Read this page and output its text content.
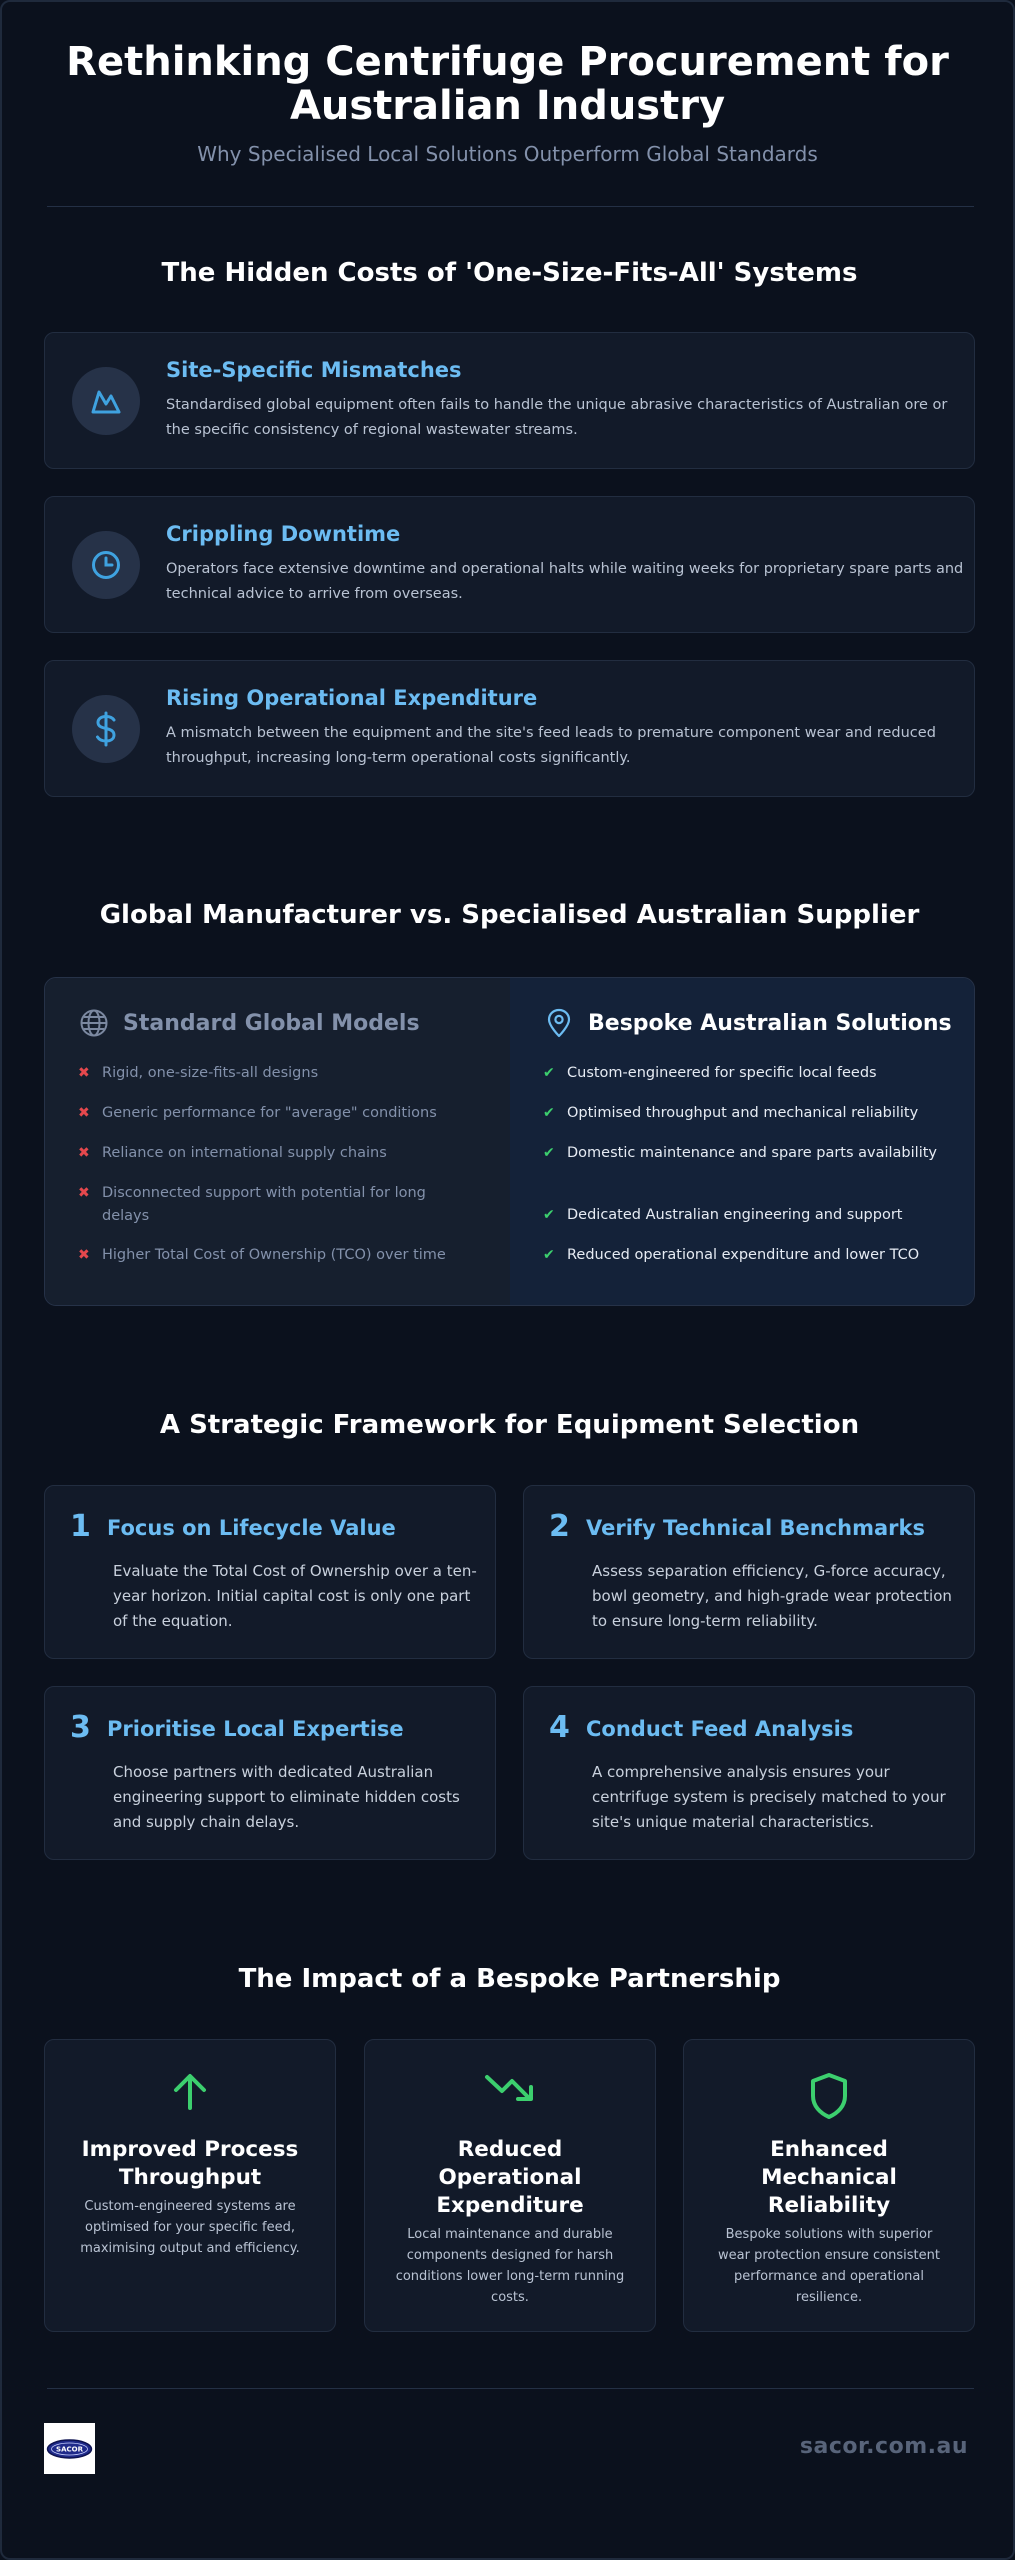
Rethinking Centrifuge Procurement for Australian Industry
Why Specialised Local Solutions Outperform Global Standards
The Hidden Costs of 'One-Size-Fits-All' Systems
Site-Specific Mismatches
Standardised global equipment often fails to handle the unique abrasive characteristics of Australian ore or the specific consistency of regional wastewater streams.
Crippling Downtime
Operators face extensive downtime and operational halts while waiting weeks for proprietary spare parts and technical advice to arrive from overseas.
Rising Operational Expenditure
A mismatch between the equipment and the site's feed leads to premature component wear and reduced throughput, increasing long-term operational costs significantly.
Global Manufacturer vs. Specialised Australian Supplier
Standard Global Models
✖ Rigid, one-size-fits-all designs
✖ Generic performance for "average" conditions
✖ Reliance on international supply chains
✖ Disconnected support with potential for long delays
✖ Higher Total Cost of Ownership (TCO) over time
Bespoke Australian Solutions
✔ Custom-engineered for specific local feeds
✔ Optimised throughput and mechanical reliability
✔ Domestic maintenance and spare parts availability
✔ Dedicated Australian engineering and support
✔ Reduced operational expenditure and lower TCO
A Strategic Framework for Equipment Selection
1 Focus on Lifecycle Value
Evaluate the Total Cost of Ownership over a ten-year horizon. Initial capital cost is only one part of the equation.
2 Verify Technical Benchmarks
Assess separation efficiency, G-force accuracy, bowl geometry, and high-grade wear protection to ensure long-term reliability.
3 Prioritise Local Expertise
Choose partners with dedicated Australian engineering support to eliminate hidden costs and supply chain delays.
4 Conduct Feed Analysis
A comprehensive analysis ensures your centrifuge system is precisely matched to your site's unique material characteristics.
The Impact of a Bespoke Partnership
Improved Process Throughput
Custom-engineered systems are optimised for your specific feed, maximising output and efficiency.
Reduced Operational Expenditure
Local maintenance and durable components designed for harsh conditions lower long-term running costs.
Enhanced Mechanical Reliability
Bespoke solutions with superior wear protection ensure consistent performance and operational resilience.
SACOR	sacor.com.au
